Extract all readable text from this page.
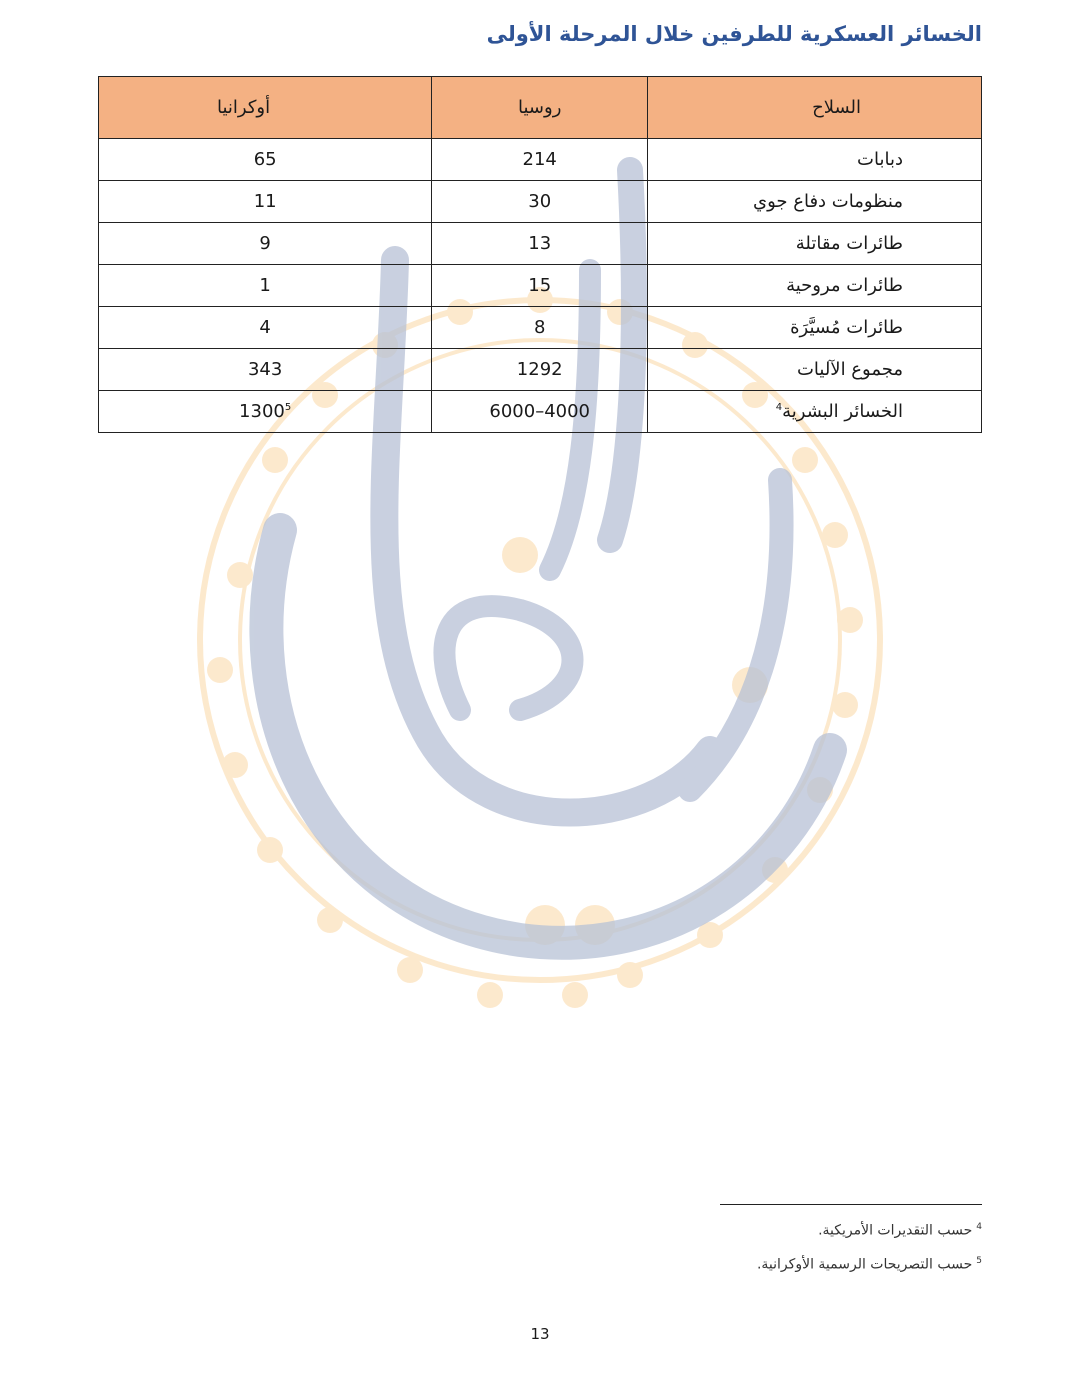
الخسائر العسكرية للطرفين خلال المرحلة الأولى
السلاح	روسيا	أوكرانيا
دبابات	214	65
منظومات دفاع جوي	30	11
طائرات مقاتلة	13	9
طائرات مروحية	15	1
طائرات مُسيَّرَة	8	4
مجموع الآليات	1292	343
الخسائر البشرية$^4$	4000–6000	1300$^5$
$^4$حسب التقديرات الأمريكية.
$^5$حسب التصريحات الرسمية الأوكرانية.
13
